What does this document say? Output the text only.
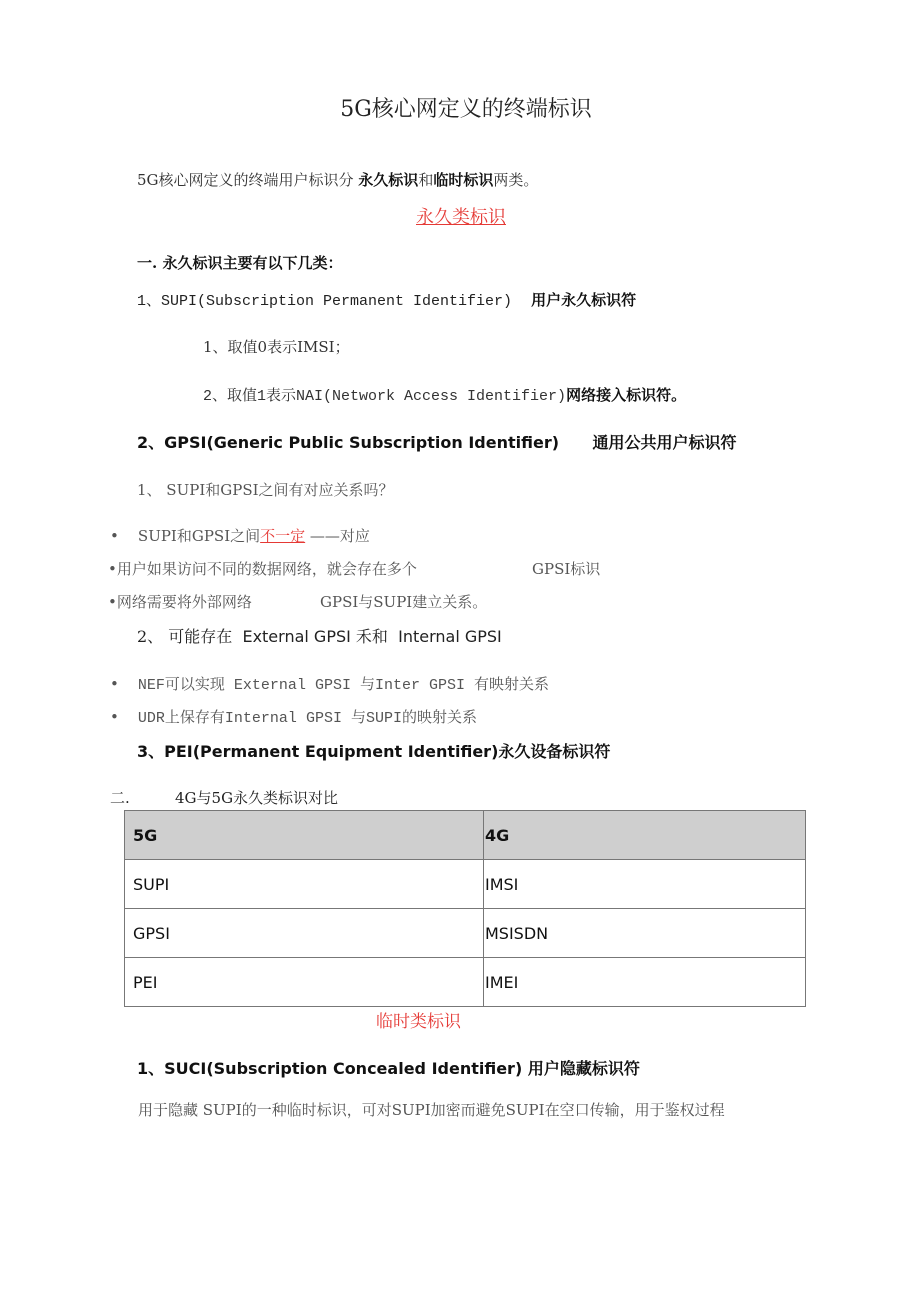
5G核心网定义的终端标识
5G核心网定义的终端用户标识分 永久标识和临时标识两类。
永久类标识
一. 永久标识主要有以下几类：
1、SUPI(Subscription Permanent Identifier) 用户永久标识符
1、取值0表示IMSI；
2、取值1表示NAI(Network Access Identifier)网络接入标识符。
2、GPSI(Generic Public Subscription Identifier) 通用公共用户标识符
1、 SUPI和GPSI之间有对应关系吗？
•    SUPI和GPSI之间不一定 ——对应
•用户如果访问不同的数据网络，就会存在多个	GPSI标识
•网络需要将外部网络	GPSI与SUPI建立关系。
2、 可能存在  External GPSI 禾和  Internal GPSI
•    NEF可以实现 External GPSI 与Inter GPSI 有映射关系
•    UDR上保存有Internal GPSI 与SUPI的映射关系
3、PEI(Permanent Equipment Identifier)永久设备标识符
二.	4G与5G永久类标识对比
5G	4G
SUPI	IMSI
GPSI	MSISDN
PEI	IMEI
临时类标识
1、SUCI(Subscription Concealed Identifier) 用户隐藏标识符
用于隐藏 SUPI的一种临时标识，可对SUPI加密而避免SUPI在空口传输，用于鉴权过程
